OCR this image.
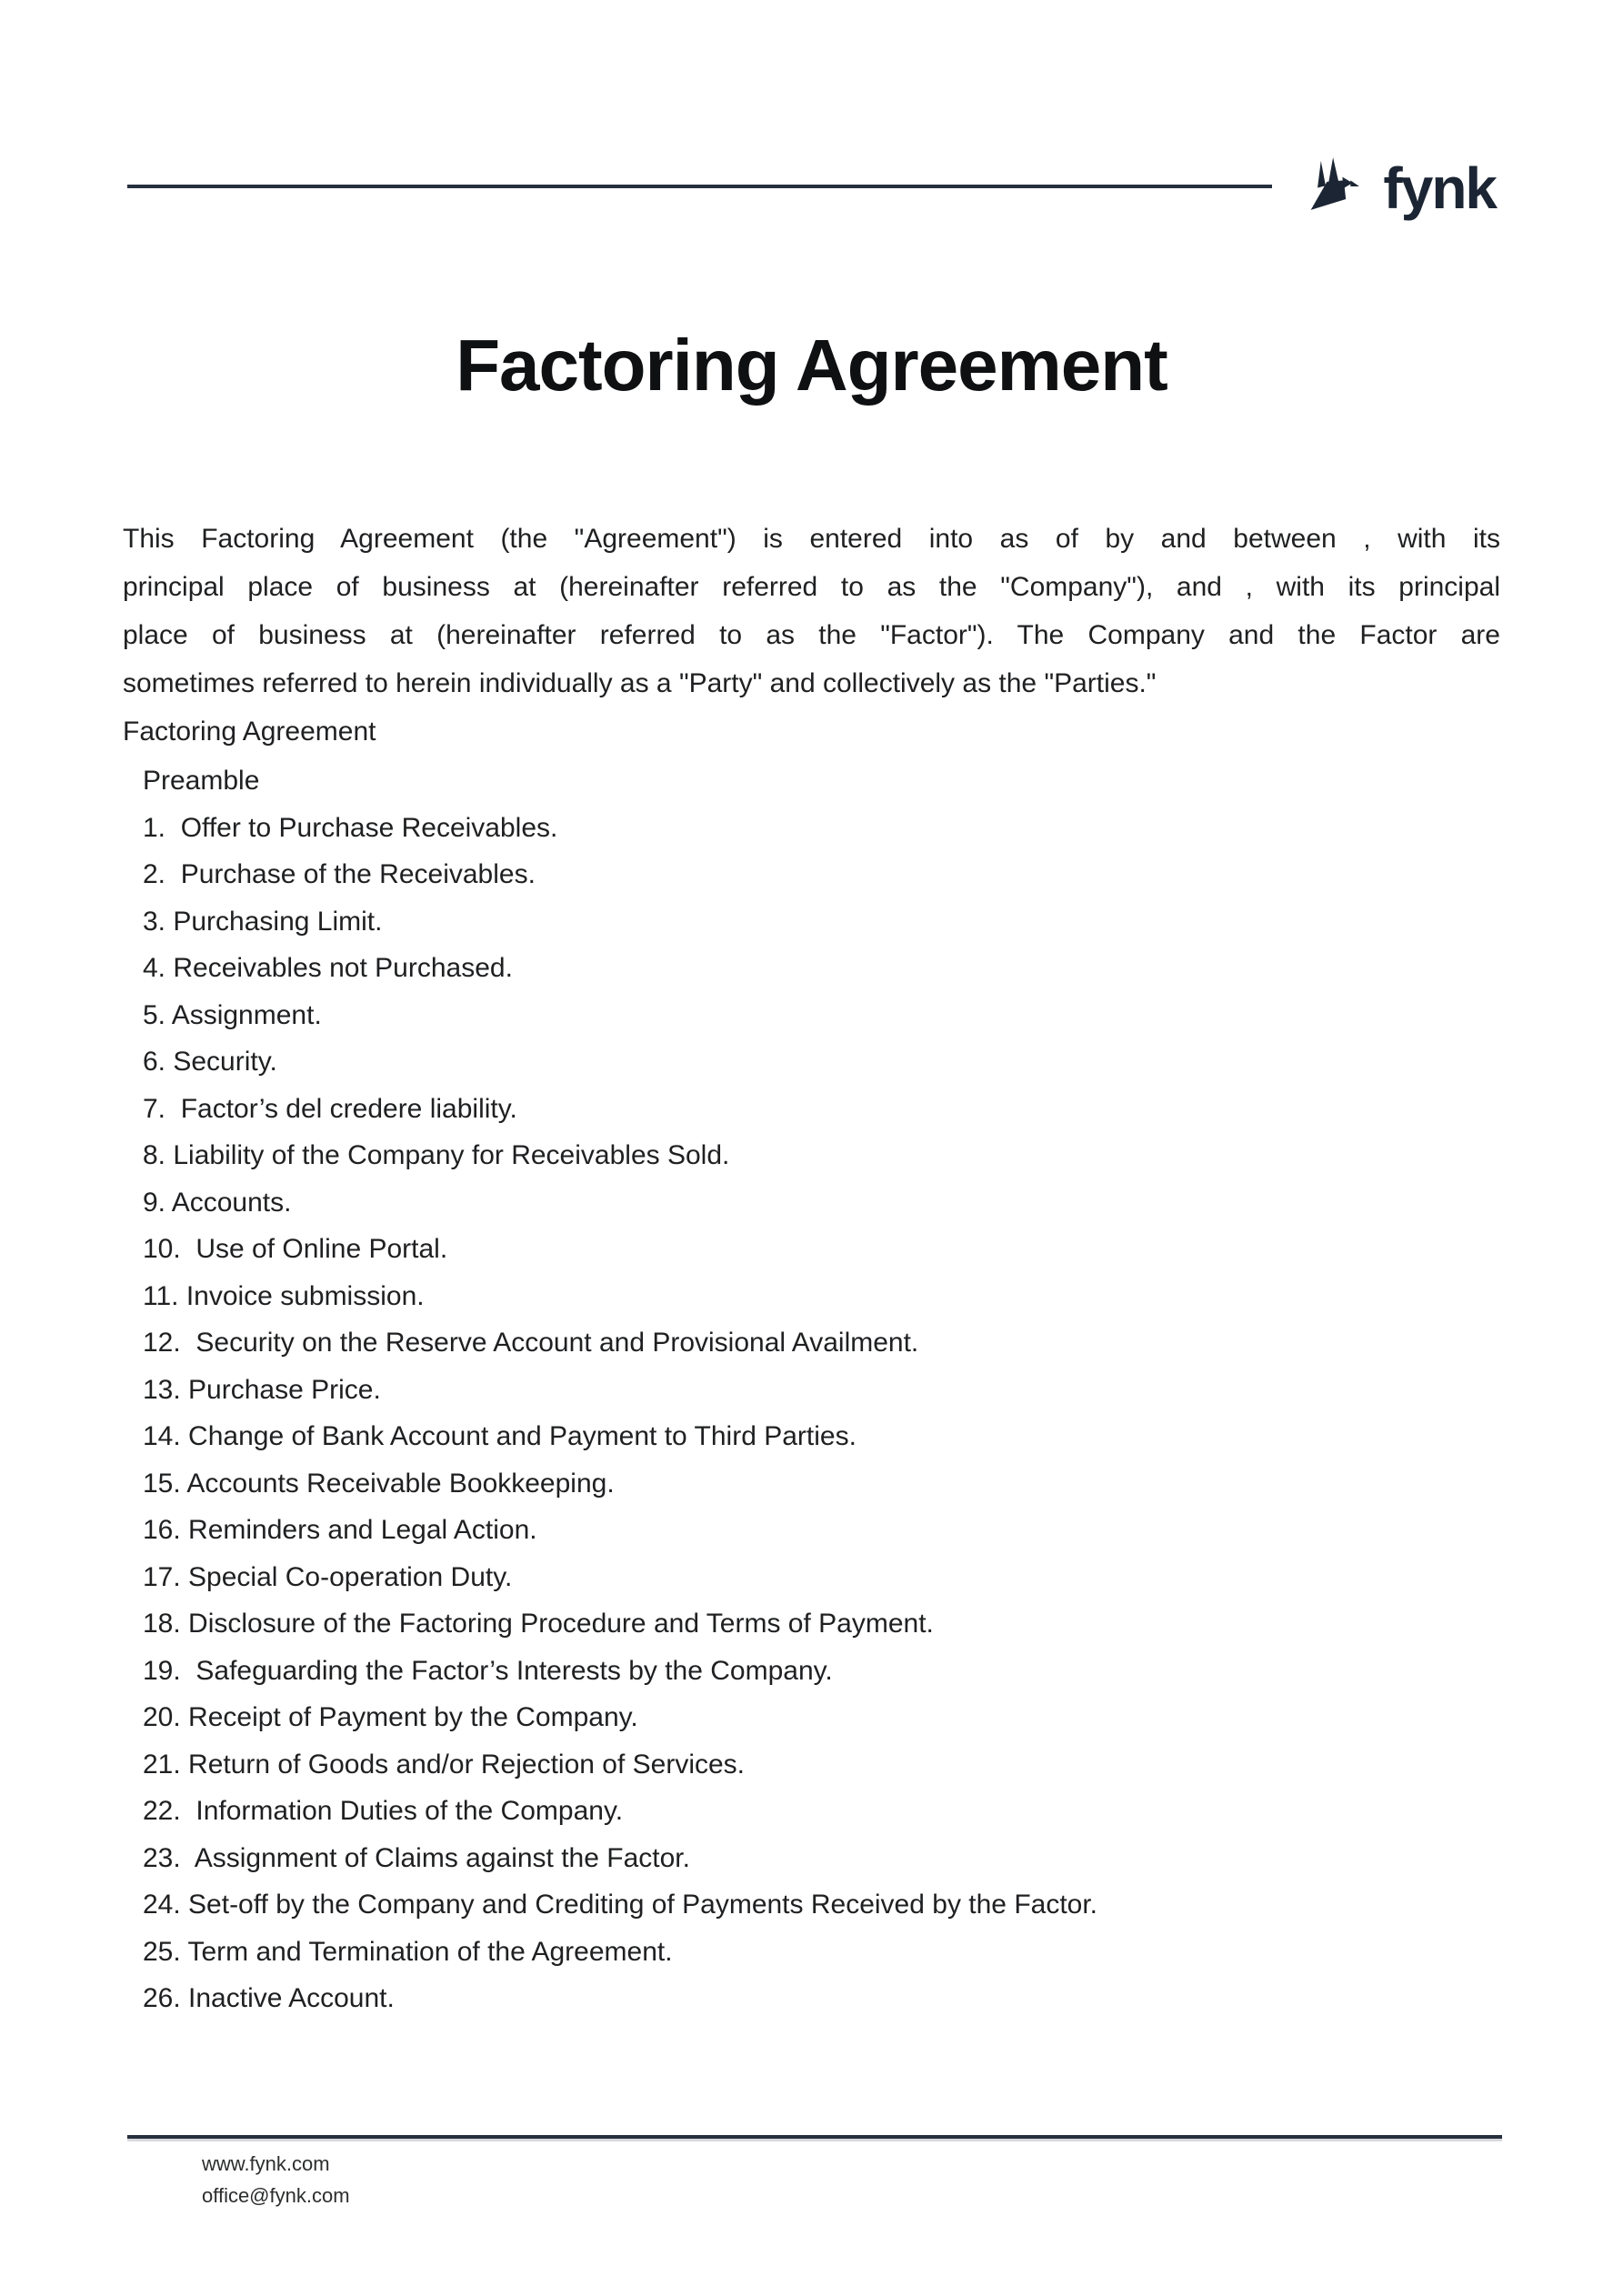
fynk
Factoring Agreement
This Factoring Agreement (the "Agreement") is entered into as of by and between , with its
principal place of business at (hereinafter referred to as the "Company"), and , with its principal
place of business at (hereinafter referred to as the "Factor"). The Company and the Factor are
sometimes referred to herein individually as a "Party" and collectively as the "Parties."
Factoring Agreement
Preamble
1.  Offer to Purchase Receivables.
2.  Purchase of the Receivables.
3. Purchasing Limit.
4. Receivables not Purchased.
5. Assignment.
6. Security.
7.  Factor’s del credere liability.
8. Liability of the Company for Receivables Sold.
9. Accounts.
10.  Use of Online Portal.
11. Invoice submission.
12.  Security on the Reserve Account and Provisional Availment.
13. Purchase Price.
14. Change of Bank Account and Payment to Third Parties.
15. Accounts Receivable Bookkeeping.
16. Reminders and Legal Action.
17. Special Co-operation Duty.
18. Disclosure of the Factoring Procedure and Terms of Payment.
19.  Safeguarding the Factor’s Interests by the Company.
20. Receipt of Payment by the Company.
21. Return of Goods and/or Rejection of Services.
22.  Information Duties of the Company.
23.  Assignment of Claims against the Factor.
24. Set-off by the Company and Crediting of Payments Received by the Factor.
25. Term and Termination of the Agreement.
26. Inactive Account.
www.fynk.com
office@fynk.com
